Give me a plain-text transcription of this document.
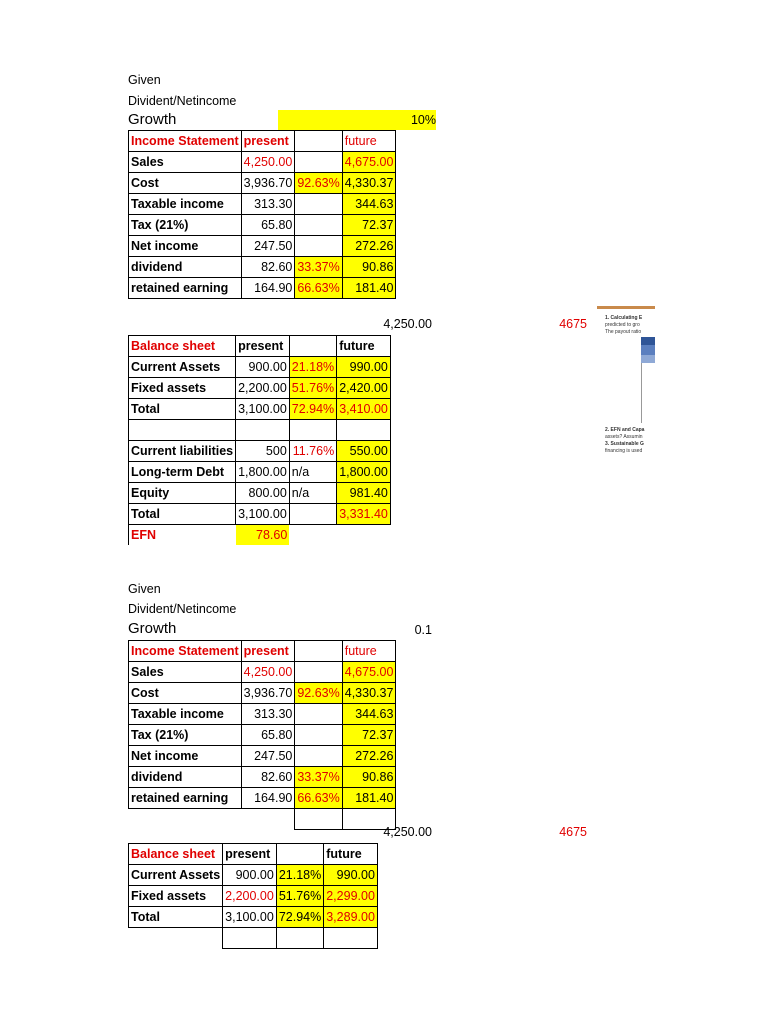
Given
Divident/Netincome
Growth	10%
Income Statement	present		future
Sales	4,250.00		4,675.00
Cost	3,936.70	92.63%	4,330.37
Taxable income	313.30		344.63
Tax (21%)	65.80		72.37
Net income	247.50		272.26
dividend	82.60	33.37%	90.86
retained earning	164.90	66.63%	181.40
4,250.00	4675
Balance sheet	present		future
Current Assets	900.00	21.18%	990.00
Fixed assets	2,200.00	51.76%	2,420.00
Total	3,100.00	72.94%	3,410.00

Current liabilities	500	11.76%	550.00
Long-term Debt	1,800.00	n/a	1,800.00
Equity	800.00	n/a	981.40
Total	3,100.00		3,331.40
EFN	78.60		
1. Calculating E
predicted to gro
The payout ratio
2. EFN and Capa
assets? Assumin
3. Sustainable G
financing is used
Given
Divident/Netincome
Growth	0.1
Income Statement	present		future
Sales	4,250.00		4,675.00
Cost	3,936.70	92.63%	4,330.37
Taxable income	313.30		344.63
Tax (21%)	65.80		72.37
Net income	247.50		272.26
dividend	82.60	33.37%	90.86
retained earning	164.90	66.63%	181.40

4,250.00	4675
Balance sheet	present		future
Current Assets	900.00	21.18%	990.00
Fixed assets	2,200.00	51.76%	2,299.00
Total	3,100.00	72.94%	3,289.00
